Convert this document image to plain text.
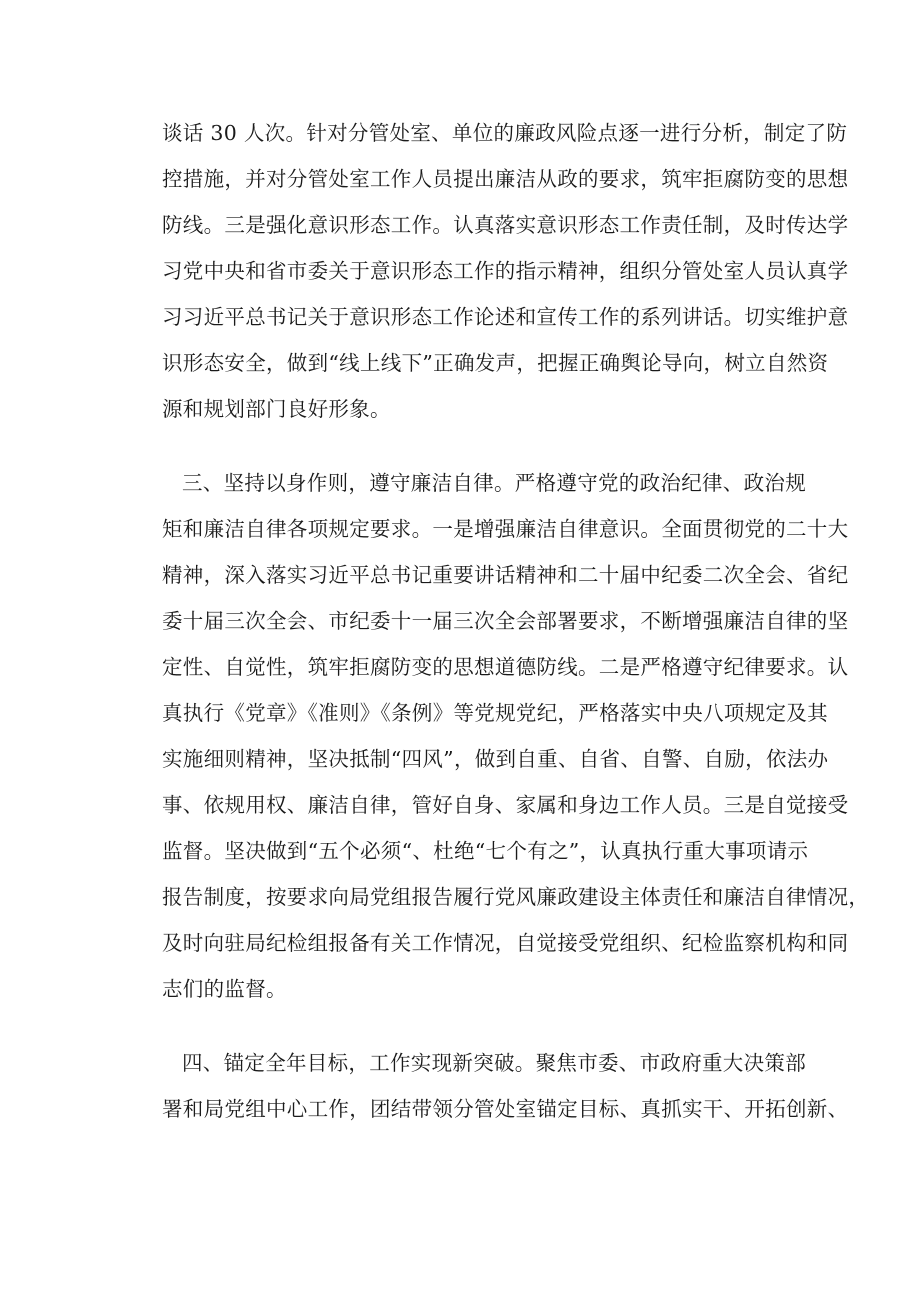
谈话 30 人次。针对分管处室、单位的廉政风险点逐一进行分析，制定了防
控措施，并对分管处室工作人员提出廉洁从政的要求，筑牢拒腐防变的思想
防线。三是强化意识形态工作。认真落实意识形态工作责任制，及时传达学
习党中央和省市委关于意识形态工作的指示精神，组织分管处室人员认真学
习习近平总书记关于意识形态工作论述和宣传工作的系列讲话。切实维护意
识形态安全，做到“线上线下”正确发声，把握正确舆论导向，树立自然资
源和规划部门良好形象。
三、坚持以身作则，遵守廉洁自律。严格遵守党的政治纪律、政治规
矩和廉洁自律各项规定要求。一是增强廉洁自律意识。全面贯彻党的二十大
精神，深入落实习近平总书记重要讲话精神和二十届中纪委二次全会、省纪
委十届三次全会、市纪委十一届三次全会部署要求，不断增强廉洁自律的坚
定性、自觉性，筑牢拒腐防变的思想道德防线。二是严格遵守纪律要求。认
真执行《党章》《准则》《条例》等党规党纪，严格落实中央八项规定及其
实施细则精神，坚决抵制“四风”，做到自重、自省、自警、自励，依法办
事、依规用权、廉洁自律，管好自身、家属和身边工作人员。三是自觉接受
监督。坚决做到“五个必须“、杜绝“七个有之”，认真执行重大事项请示
报告制度，按要求向局党组报告履行党风廉政建设主体责任和廉洁自律情况，
及时向驻局纪检组报备有关工作情况，自觉接受党组织、纪检监察机构和同
志们的监督。
四、锚定全年目标，工作实现新突破。聚焦市委、市政府重大决策部
署和局党组中心工作，团结带领分管处室锚定目标、真抓实干、开拓创新、
